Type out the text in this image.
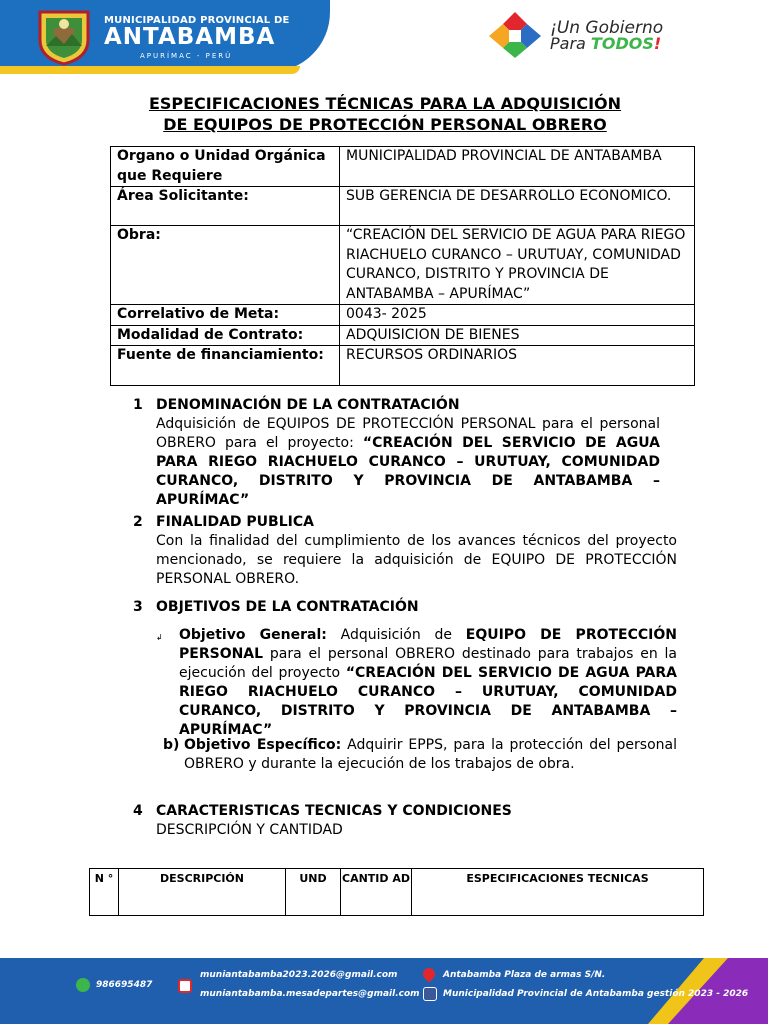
MUNICIPALIDAD PROVINCIAL DE
ANTABAMBA
APURÍMAC - PERÚ
¡Un Gobierno
Para TODOS!
ESPECIFICACIONES TÉCNICAS PARA LA ADQUISICIÓN
DE EQUIPOS DE PROTECCIÓN PERSONAL OBRERO
Organo o Unidad Orgánica que Requiere	MUNICIPALIDAD PROVINCIAL DE ANTABAMBA
Área Solicitante:	SUB GERENCIA DE DESARROLLO ECONOMICO.
Obra:	“CREACIÓN DEL SERVICIO DE AGUA PARA RIEGO RIACHUELO CURANCO – URUTUAY, COMUNIDAD CURANCO, DISTRITO Y PROVINCIA DE ANTABAMBA – APURÍMAC”
Correlativo de Meta:	0043- 2025
Modalidad de Contrato:	ADQUISICION DE BIENES
Fuente de financiamiento:	RECURSOS ORDINARIOS
1 DENOMINACIÓN DE LA CONTRATACIÓN
Adquisición de EQUIPOS DE PROTECCIÓN PERSONAL para el personal OBRERO para el proyecto: “CREACIÓN DEL SERVICIO DE AGUA PARA RIEGO RIACHUELO CURANCO – URUTUAY, COMUNIDAD CURANCO, DISTRITO Y PROVINCIA DE ANTABAMBA – APURÍMAC”
2 FINALIDAD PUBLICA
Con la finalidad del cumplimiento de los avances técnicos del proyecto mencionado, se requiere la adquisición de EQUIPO DE PROTECCIÓN PERSONAL OBRERO.
3 OBJETIVOS DE LA CONTRATACIÓN
↲ Objetivo General: Adquisición de EQUIPO DE PROTECCIÓN PERSONAL para el personal OBRERO destinado para trabajos en la ejecución del proyecto “CREACIÓN DEL SERVICIO DE AGUA PARA RIEGO RIACHUELO CURANCO – URUTUAY, COMUNIDAD CURANCO, DISTRITO Y PROVINCIA DE ANTABAMBA – APURÍMAC”
b) Objetivo Específico: Adquirir EPPS, para la protección del personal OBRERO y durante la ejecución de los trabajos de obra.
4 CARACTERISTICAS TECNICAS Y CONDICIONES
DESCRIPCIÓN Y CANTIDAD
N °	DESCRIPCIÓN	UND	CANTID AD	ESPECIFICACIONES TECNICAS
986695487
muniantabamba2023.2026@gmail.com
muniantabamba.mesadepartes@gmail.com
Antabamba Plaza de armas S/N.
Municipalidad Provincial de Antabamba gestión 2023 - 2026
